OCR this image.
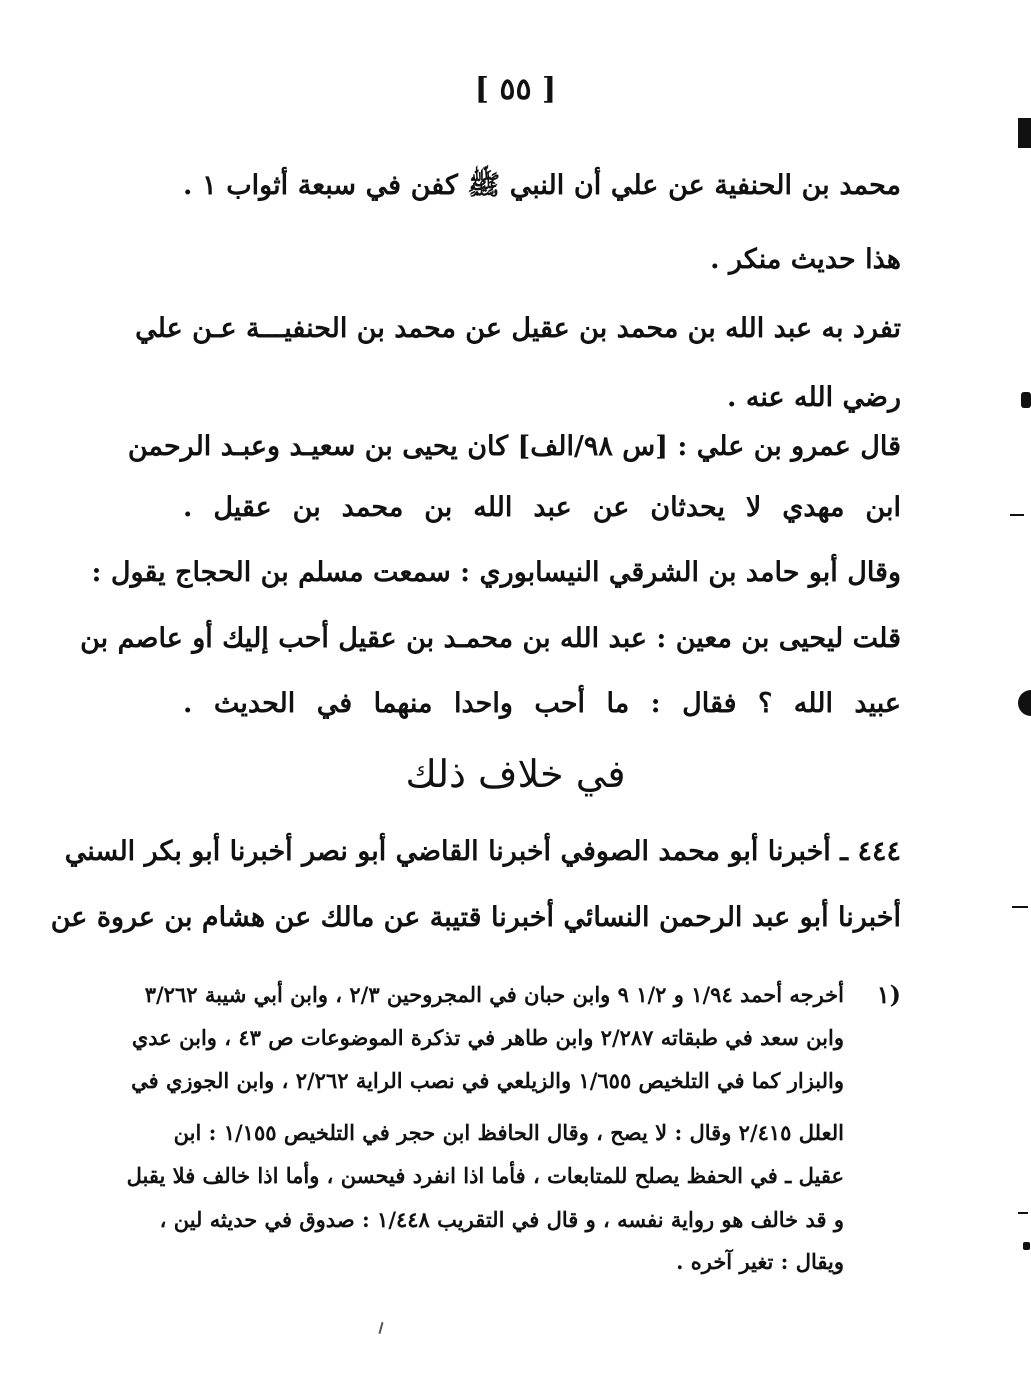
[ ٥٥ ]
محمد بن الحنفية عن علي أن النبي ﷺ كفن في سبعة أثواب ١ .
هذا حديث منكر .
تفرد به عبد الله بن محمد بن عقيل عن محمد بن الحنفيـــة عـن علي
رضي الله عنه .
قال عمرو بن علي : [س ٩٨/الف] كان يحيى بن سعيـد وعبـد الرحمن
ابن مهدي لا يحدثان عن عبد الله بن محمد بن عقيل .
وقال أبو حامد بن الشرقي النيسابوري : سمعت مسلم بن الحجاج يقول :
قلت ليحيى بن معين : عبد الله بن محمـد بن عقيل أحب إليك أو عاصم بن
عبيد الله ؟ فقال : ما أحب واحدا منهما في الحديث .
في خلاف ذلك
٤٤٤ ـ أخبرنا أبو محمد الصوفي أخبرنا القاضي أبو نصر أخبرنا أبو بكر السني
أخبرنا أبو عبد الرحمن النسائي أخبرنا قتيبة عن مالك عن هشام بن عروة عن
١)
أخرجه أحمد ١/٩٤ و ١/٢ ٩ وابن حبان في المجروحين ٢/٣ ، وابن أبي شيبة ٣/٢٦٢
وابن سعد في طبقاته ٢/٢٨٧ وابن طاهر في تذكرة الموضوعات ص ٤٣ ، وابن عدي
والبزار كما في التلخيص ١/٦٥٥ والزيلعي في نصب الراية ٢/٢٦٢ ، وابن الجوزي في
العلل ٢/٤١٥ وقال : لا يصح ، وقال الحافظ ابن حجر في التلخيص ١/١٥٥ : ابن
عقيل ـ في الحفظ يصلح للمتابعات ، فأما اذا انفرد فيحسن ، وأما اذا خالف فلا يقبل
و قد خالف هو رواية نفسه ، و قال في التقريب ١/٤٤٨ : صدوق في حديثه لين ،
ويقال : تغير آخره .
